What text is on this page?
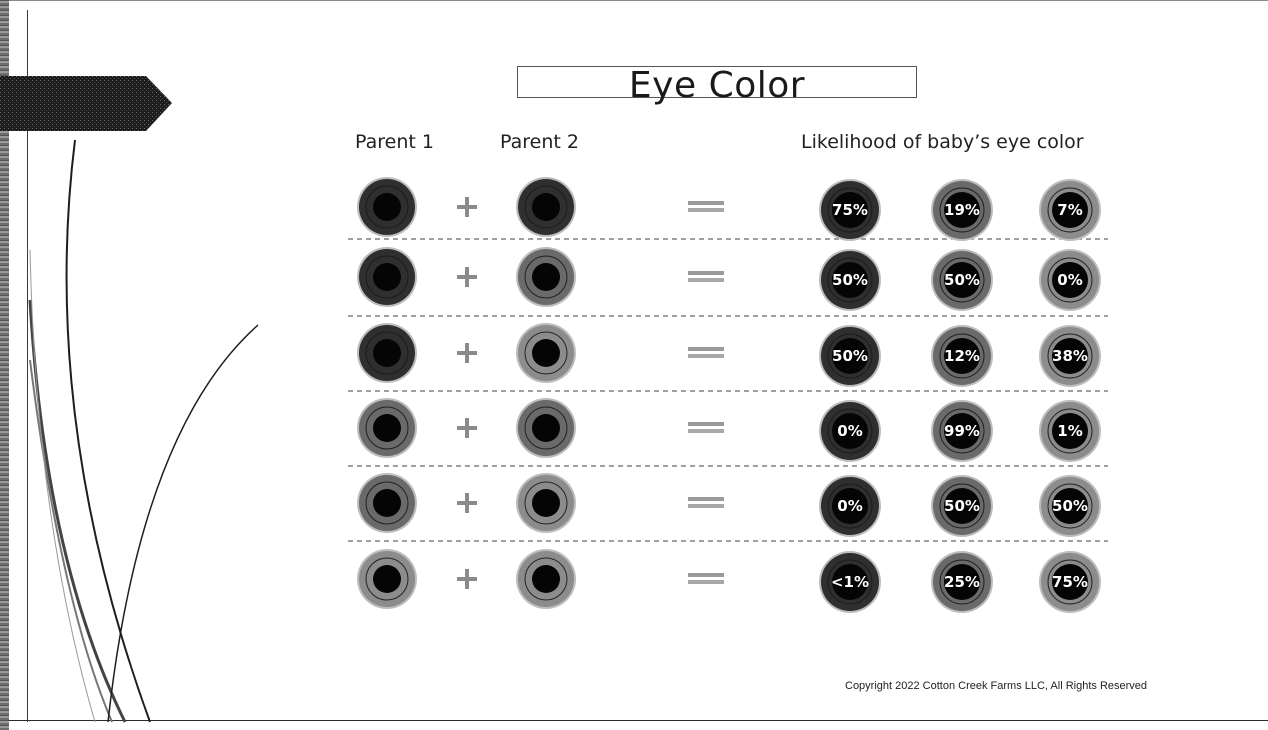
Eye Color
Parent 1	Parent 2	Likelihood of baby’s eye color
75%	19%	7%
50%	50%	0%
50%	12%	38%
0%	99%	1%
0%	50%	50%
<1%	25%	75%
Copyright 2022 Cotton Creek Farms LLC, All Rights Reserved
